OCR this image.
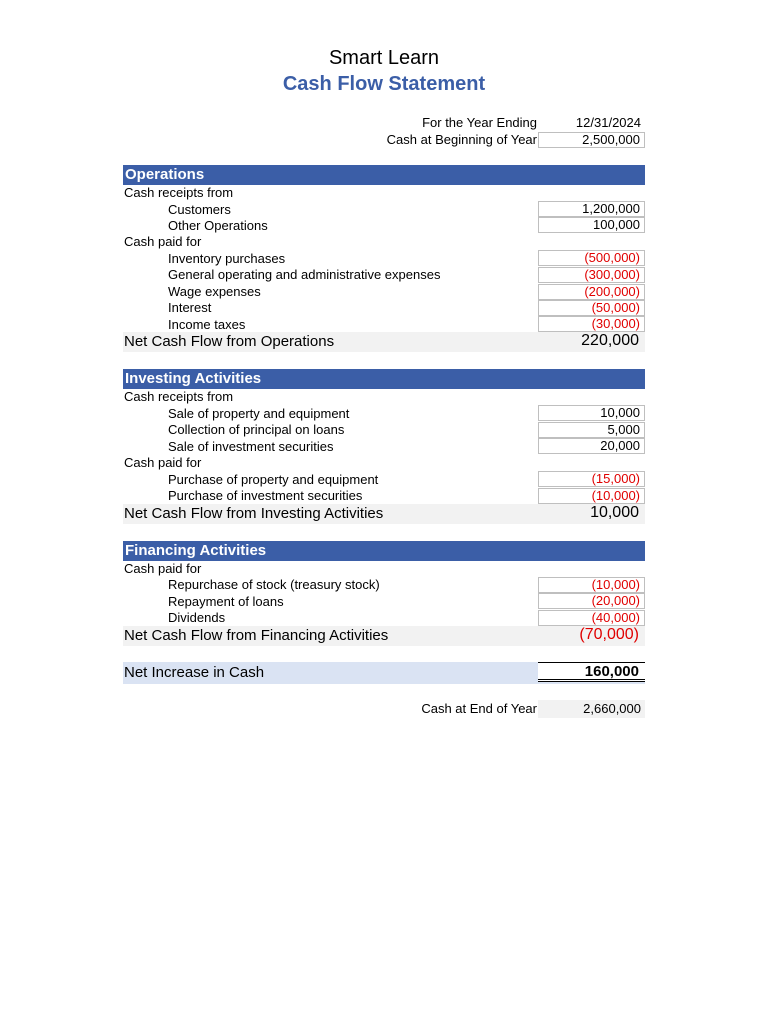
Smart Learn
Cash Flow Statement
For the Year Ending	12/31/2024
Cash at Beginning of Year	2,500,000
Operations
Cash receipts from
Customers	1,200,000
Other Operations	100,000
Cash paid for
Inventory purchases	(500,000)
General operating and administrative expenses	(300,000)
Wage expenses	(200,000)
Interest	(50,000)
Income taxes	(30,000)
Net Cash Flow from Operations	220,000
Investing Activities
Cash receipts from
Sale of property and equipment	10,000
Collection of principal on loans	5,000
Sale of investment securities	20,000
Cash paid for
Purchase of property and equipment	(15,000)
Purchase of investment securities	(10,000)
Net Cash Flow from Investing Activities	10,000
Financing Activities
Cash paid for
Repurchase of stock (treasury stock)	(10,000)
Repayment of loans	(20,000)
Dividends	(40,000)
Net Cash Flow from Financing Activities	(70,000)
Net Increase in Cash	160,000
Cash at End of Year	2,660,000
